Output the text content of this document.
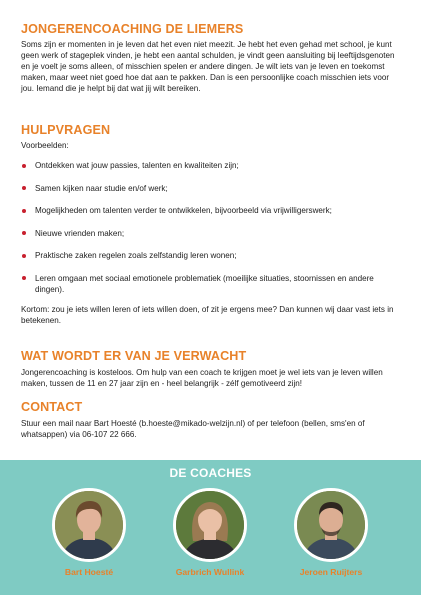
JONGERENCOACHING DE LIEMERS

Soms zijn er momenten in je leven dat het even niet meezit. Je hebt het even gehad met school, je kunt geen werk of stageplek vinden, je hebt een aantal schulden, je vindt geen aansluiting bij leeftijdsgenoten en je voelt je soms alleen, of misschien spelen er andere dingen. Je wilt iets van je leven en toekomst maken, maar weet niet goed hoe dat aan te pakken. Dan is een persoonlijke coach misschien iets voor jou. Iemand die je helpt bij dat wat jij wilt bereiken.

HULPVRAGEN

Voorbeelden:

Ontdekken wat jouw passies, talenten en kwaliteiten zijn;
Samen kijken naar studie en/of werk;
Mogelijkheden om talenten verder te ontwikkelen, bijvoorbeeld via vrijwilligerswerk;
Nieuwe vrienden maken;
Praktische zaken regelen zoals zelfstandig leren wonen;
Leren omgaan met sociaal emotionele problematiek (moeilijke situaties, stoornissen en andere dingen).

Kortom: zou je iets willen leren of iets willen doen, of zit je ergens mee? Dan kunnen wij daar vast iets in betekenen.

WAT WORDT ER VAN JE VERWACHT

Jongerencoaching is kosteloos. Om hulp van een coach te krijgen moet je wel iets van je leven willen maken, tussen de 11 en 27 jaar zijn en - heel belangrijk - zélf gemotiveerd zijn!

CONTACT

Stuur een mail naar Bart Hoesté (b.hoeste@mikado-welzijn.nl) of per telefoon (bellen, sms'en of whatsappen) via 06-107 22 666.

DE COACHES
Bart Hoesté	Garbrich Wullink	Jeroen Ruijters
